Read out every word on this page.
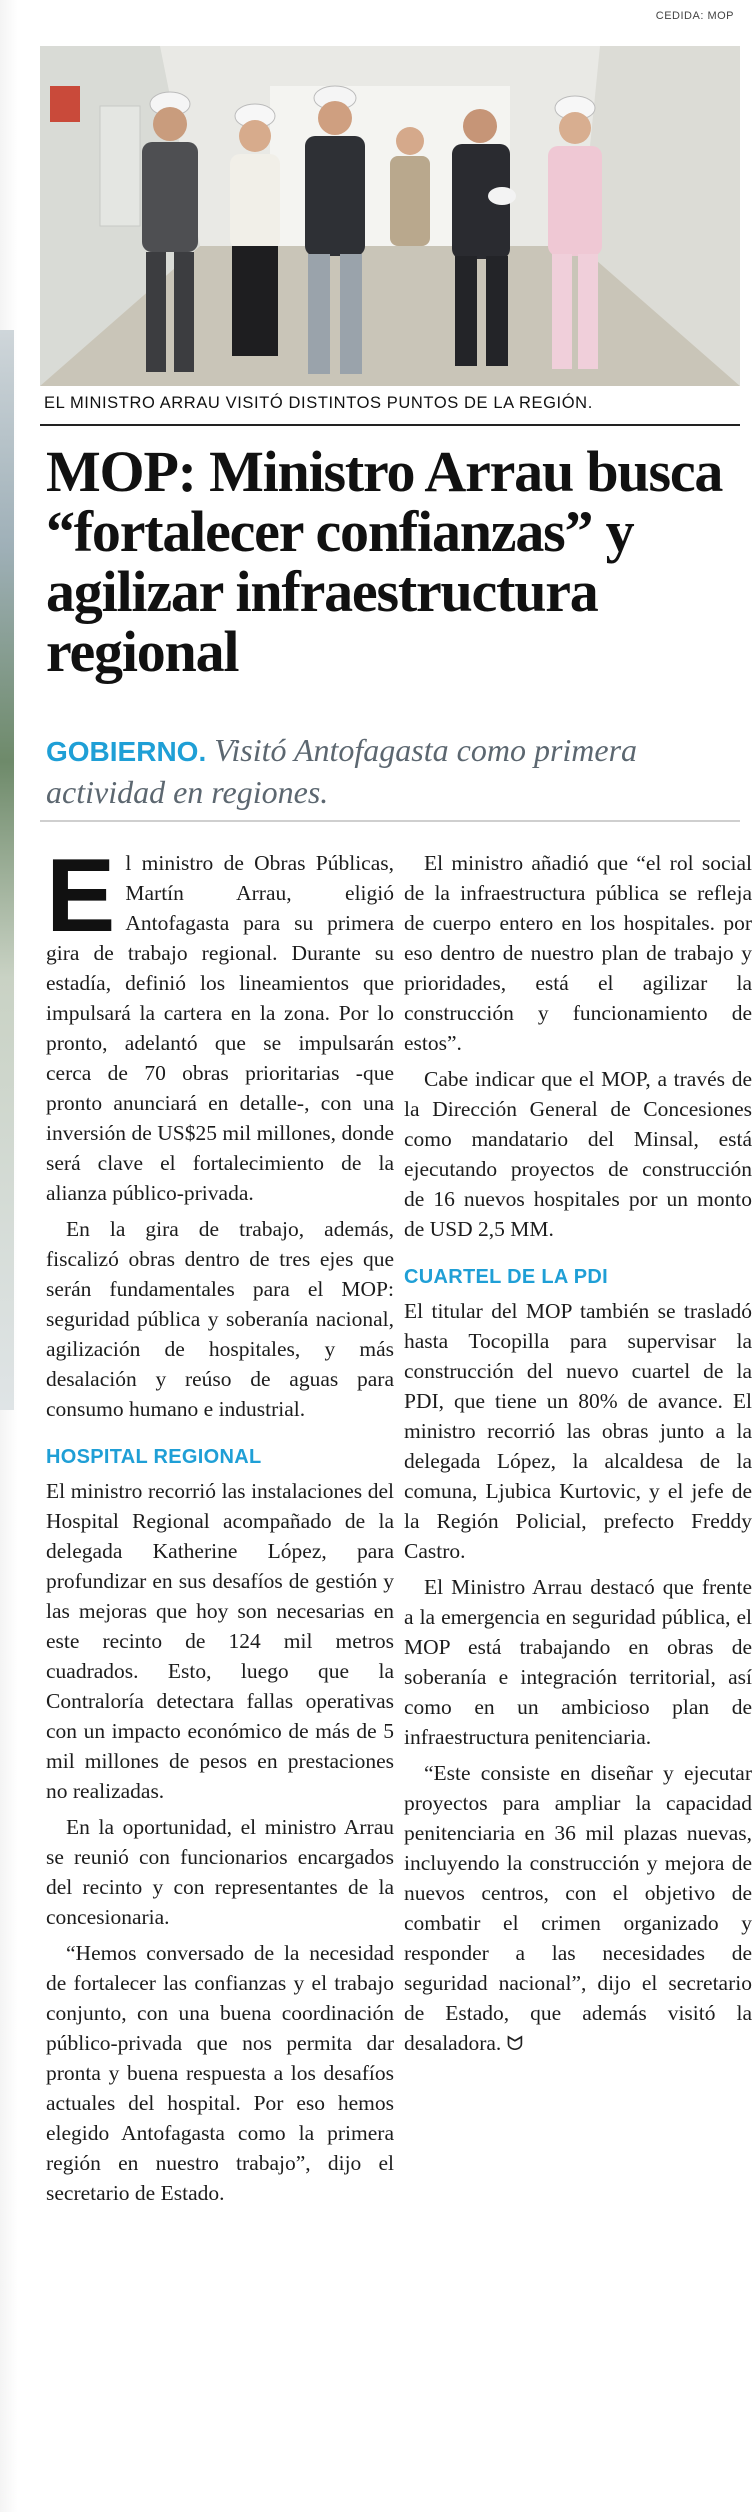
CEDIDA: MOP
EL MINISTRO ARRAU VISITÓ DISTINTOS PUNTOS DE LA REGIÓN.
MOP: Ministro Arrau busca “fortalecer confianzas” y agilizar infraestructura regional
GOBIERNO. Visitó Antofagasta como primera actividad en regiones.

El ministro de Obras Públicas, Martín Arrau, eligió Antofagasta para su primera gira de trabajo regional. Durante su estadía, definió los lineamientos que impulsará la cartera en la zona. Por lo pronto, adelantó que se impulsarán cerca de 70 obras prioritarias -que pronto anunciará en detalle-, con una inversión de US$25 mil millones, donde será clave el fortalecimiento de la alianza público-privada.

En la gira de trabajo, además, fiscalizó obras dentro de tres ejes que serán fundamentales para el MOP: seguridad pública y soberanía nacional, agilización de hospitales, y más desalación y reúso de aguas para consumo humano e industrial.

HOSPITAL REGIONAL

El ministro recorrió las instalaciones del Hospital Regional acompañado de la delegada Katherine López, para profundizar en sus desafíos de gestión y las mejoras que hoy son necesarias en este recinto de 124 mil metros cuadrados. Esto, luego que la Contraloría detectara fallas operativas con un impacto económico de más de 5 mil millones de pesos en prestaciones no realizadas.

En la oportunidad, el ministro Arrau se reunió con funcionarios encargados del recinto y con representantes de la concesionaria.

“Hemos conversado de la necesidad de fortalecer las confianzas y el trabajo conjunto, con una buena coordinación público-privada que nos permita dar pronta y buena respuesta a los desafíos actuales del hospital. Por eso hemos elegido Antofagasta como la primera región en nuestro trabajo”, dijo el secretario de Estado.

El ministro añadió que “el rol social de la infraestructura pública se refleja de cuerpo entero en los hospitales. por eso dentro de nuestro plan de trabajo y prioridades, está el agilizar la construcción y funcionamiento de estos”.

Cabe indicar que el MOP, a través de la Dirección General de Concesiones como mandatario del Minsal, está ejecutando proyectos de construcción de 16 nuevos hospitales por un monto de USD 2,5 MM.

CUARTEL DE LA PDI

El titular del MOP también se trasladó hasta Tocopilla para supervisar la construcción del nuevo cuartel de la PDI, que tiene un 80% de avance. El ministro recorrió las obras junto a la delegada López, la alcaldesa de la comuna, Ljubica Kurtovic, y el jefe de la Región Policial, prefecto Freddy Castro.

El Ministro Arrau destacó que frente a la emergencia en seguridad pública, el MOP está trabajando en obras de soberanía e integración territorial, así como en un ambicioso plan de infraestructura penitenciaria.

“Este consiste en diseñar y ejecutar proyectos para ampliar la capacidad penitenciaria en 36 mil plazas nuevas, incluyendo la construcción y mejora de nuevos centros, con el objetivo de combatir el crimen organizado y responder a las necesidades de seguridad nacional”, dijo el secretario de Estado, que además visitó la desaladora. ᗢ
